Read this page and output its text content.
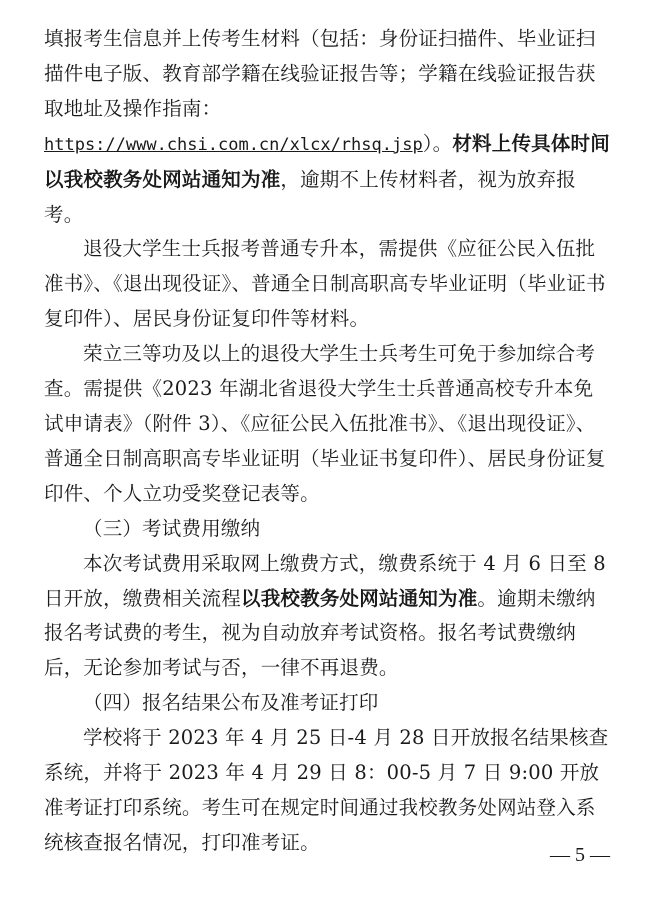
填报考生信息并上传考生材料（包括：身份证扫描件、毕业证扫描件电子版、教育部学籍在线验证报告等；学籍在线验证报告获取地址及操作指南：https://www.chsi.com.cn/xlcx/rhsq.jsp）。材料上传具体时间以我校教务处网站通知为准，逾期不上传材料者，视为放弃报考。

退役大学生士兵报考普通专升本，需提供《应征公民入伍批准书》、《退出现役证》、普通全日制高职高专毕业证明（毕业证书复印件）、居民身份证复印件等材料。

荣立三等功及以上的退役大学生士兵考生可免于参加综合考查。需提供《2023 年湖北省退役大学生士兵普通高校专升本免试申请表》（附件 3）、《应征公民入伍批准书》、《退出现役证》、普通全日制高职高专毕业证明（毕业证书复印件）、居民身份证复印件、个人立功受奖登记表等。

（三）考试费用缴纳

本次考试费用采取网上缴费方式，缴费系统于 4 月 6 日至 8 日开放，缴费相关流程以我校教务处网站通知为准。逾期未缴纳报名考试费的考生，视为自动放弃考试资格。报名考试费缴纳后，无论参加考试与否，一律不再退费。

（四）报名结果公布及准考证打印

学校将于 2023 年 4 月 25 日-4 月 28 日开放报名结果核查系统，并将于 2023 年 4 月 29 日 8：00-5 月 7 日 9:00 开放准考证打印系统。考生可在规定时间通过我校教务处网站登入系统核查报名情况，打印准考证。

— 5 —
